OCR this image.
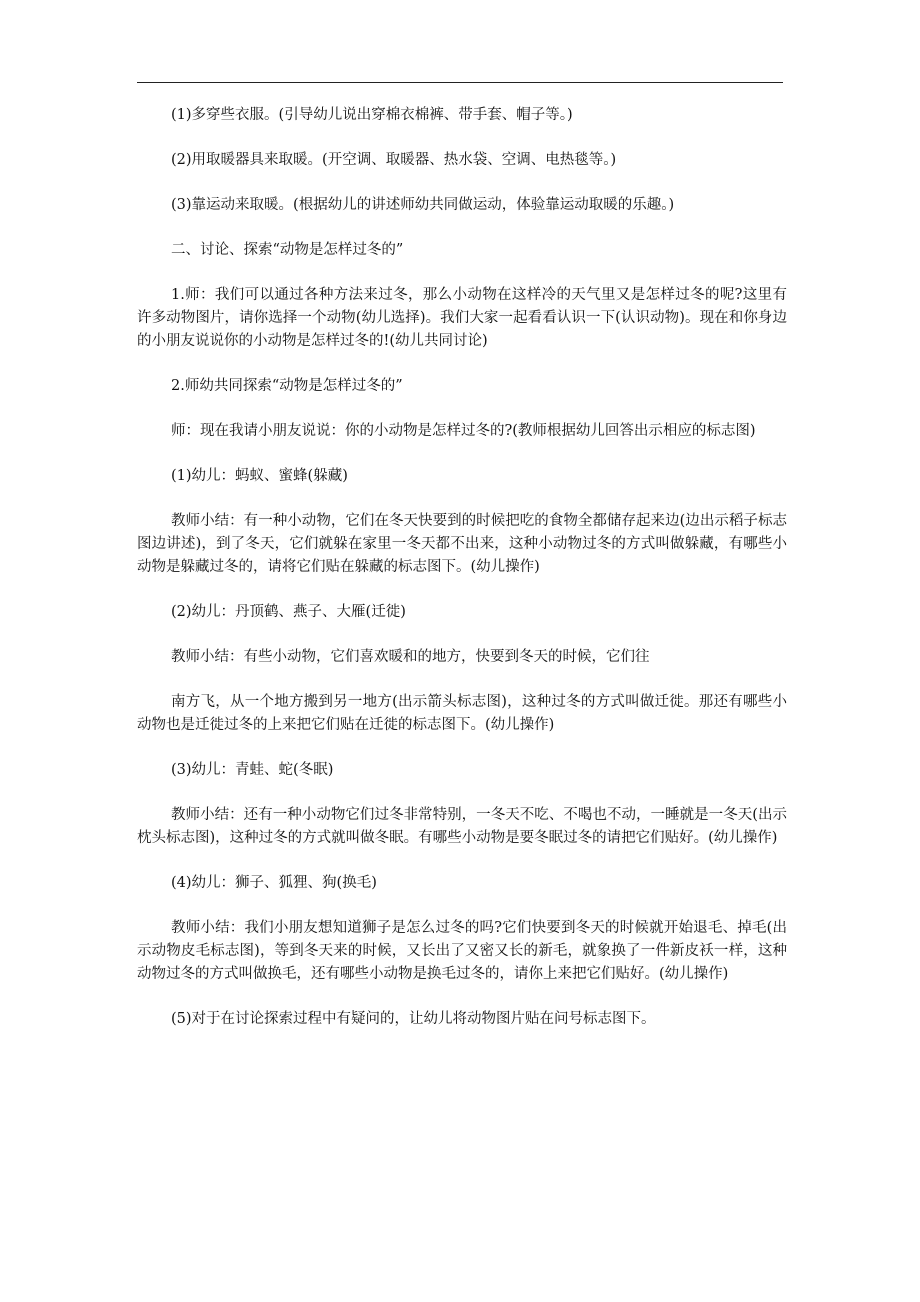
(1)多穿些衣服。(引导幼儿说出穿棉衣棉裤、带手套、帽子等。)

(2)用取暖器具来取暖。(开空调、取暖器、热水袋、空调、电热毯等。)

(3)靠运动来取暖。(根据幼儿的讲述师幼共同做运动，体验靠运动取暖的乐趣。)

二、讨论、探索“动物是怎样过冬的”

1.师：我们可以通过各种方法来过冬，那么小动物在这样冷的天气里又是怎样过冬的呢?这里有许多动物图片，请你选择一个动物(幼儿选择)。我们大家一起看看认识一下(认识动物)。现在和你身边的小朋友说说你的小动物是怎样过冬的!(幼儿共同讨论)

2.师幼共同探索“动物是怎样过冬的”

师：现在我请小朋友说说：你的小动物是怎样过冬的?(教师根据幼儿回答出示相应的标志图)

(1)幼儿：蚂蚁、蜜蜂(躲藏)

教师小结：有一种小动物，它们在冬天快要到的时候把吃的食物全都储存起来边(边出示稻子标志图边讲述)，到了冬天，它们就躲在家里一冬天都不出来，这种小动物过冬的方式叫做躲藏，有哪些小动物是躲藏过冬的，请将它们贴在躲藏的标志图下。(幼儿操作)

(2)幼儿：丹顶鹤、燕子、大雁(迁徙)

教师小结：有些小动物，它们喜欢暖和的地方，快要到冬天的时候，它们往

南方飞，从一个地方搬到另一地方(出示箭头标志图)，这种过冬的方式叫做迁徙。那还有哪些小动物也是迁徙过冬的上来把它们贴在迁徙的标志图下。(幼儿操作)

(3)幼儿：青蛙、蛇(冬眠)

教师小结：还有一种小动物它们过冬非常特别，一冬天不吃、不喝也不动，一睡就是一冬天(出示枕头标志图)，这种过冬的方式就叫做冬眠。有哪些小动物是要冬眠过冬的请把它们贴好。(幼儿操作)

(4)幼儿：狮子、狐狸、狗(换毛)

教师小结：我们小朋友想知道狮子是怎么过冬的吗?它们快要到冬天的时候就开始退毛、掉毛(出示动物皮毛标志图)，等到冬天来的时候，又长出了又密又长的新毛，就象换了一件新皮袄一样，这种动物过冬的方式叫做换毛，还有哪些小动物是换毛过冬的，请你上来把它们贴好。(幼儿操作)

(5)对于在讨论探索过程中有疑问的，让幼儿将动物图片贴在问号标志图下。
